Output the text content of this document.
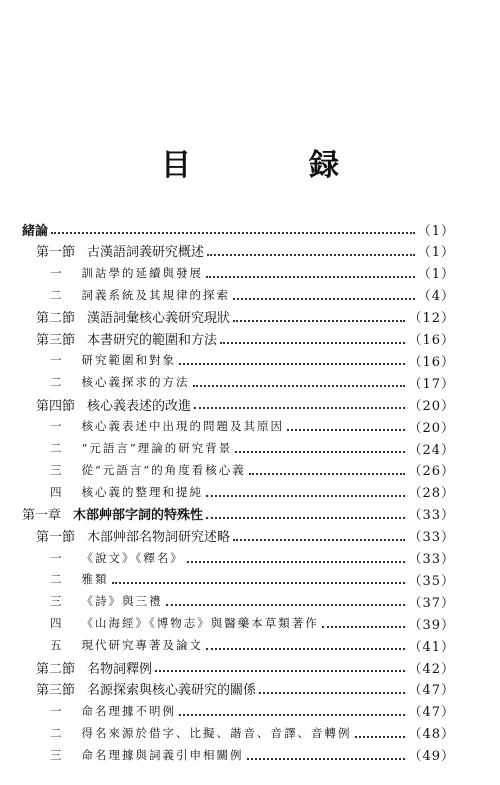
目　録
緒論	（1）
第一節 古漢語詞義研究概述	（1）
一 訓詁學的延續與發展	（1）
二 詞義系統及其規律的探索	（4）
第二節 漢語詞彙核心義研究現狀	（12）
第三節 本書研究的範圍和方法	（16）
一 研究範圍和對象	（16）
二 核心義探求的方法	（17）
第四節 核心義表述的改進	（20）
一 核心義表述中出現的問題及其原因	（20）
二 “元語言”理論的研究背景	（24）
三 從“元語言”的角度看核心義	（26）
四 核心義的整理和提純	（28）
第一章 木部艸部字詞的特殊性	（33）
第一節 木部艸部名物詞研究述略	（33）
一 《說文》《釋名》	（33）
二 雅類	（35）
三 《詩》與三禮	（37）
四 《山海經》《博物志》與醫藥本草類著作	（39）
五 現代研究專著及論文	（41）
第二節 名物詞釋例	（42）
第三節 名源探索與核心義研究的關係	（47）
一 命名理據不明例	（47）
二 得名來源於借字、比擬、諧音、音譯、音轉例	（48）
三 命名理據與詞義引申相關例	（49）
